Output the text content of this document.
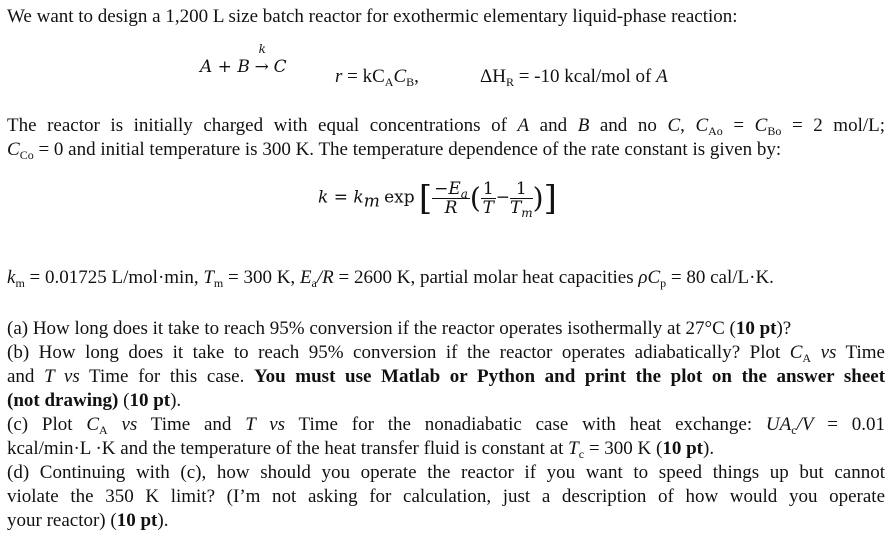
We want to design a 1,200 L size batch reactor for exothermic elementary liquid-phase reaction:
A + B
k
→ C	$r = kC_AC_B$,	$\Delta H_R = -10$ kcal/mol of A
The reactor is initially charged with equal concentrations of A and B and no C, $C_{Ao} = C_{Bo} = 2$ mol/L;
$C_{Co} = 0$ and initial temperature is 300 K. The temperature dependence of the rate constant is given by:
$k = k_m$ exp [ $\frac{-E_a}{R}$ ( $\frac{1}{T} - \frac{1}{T_m}$ )]
$k_m = 0.01725$ L/mol·min, $T_m = 300$ K, $E_a/R = 2600$ K, partial molar heat capacities $\rho C_p = 80$ cal/L·K.
(a) How long does it take to reach 95% conversion if the reactor operates isothermally at 27°C (10 pt)?
(b) How long does it take to reach 95% conversion if the reactor operates adiabatically? Plot $C_A$ vs Time
and T vs Time for this case. You must use Matlab or Python and print the plot on the answer sheet
(not drawing) (10 pt).
(c) Plot $C_A$ vs Time and T vs Time for the nonadiabatic case with heat exchange: $UA_c/V = 0.01$
kcal/min·L ·K and the temperature of the heat transfer fluid is constant at $T_c = 300$ K (10 pt).
(d) Continuing with (c), how should you operate the reactor if you want to speed things up but cannot
violate the 350 K limit? (I’m not asking for calculation, just a description of how would you operate
your reactor) (10 pt).
